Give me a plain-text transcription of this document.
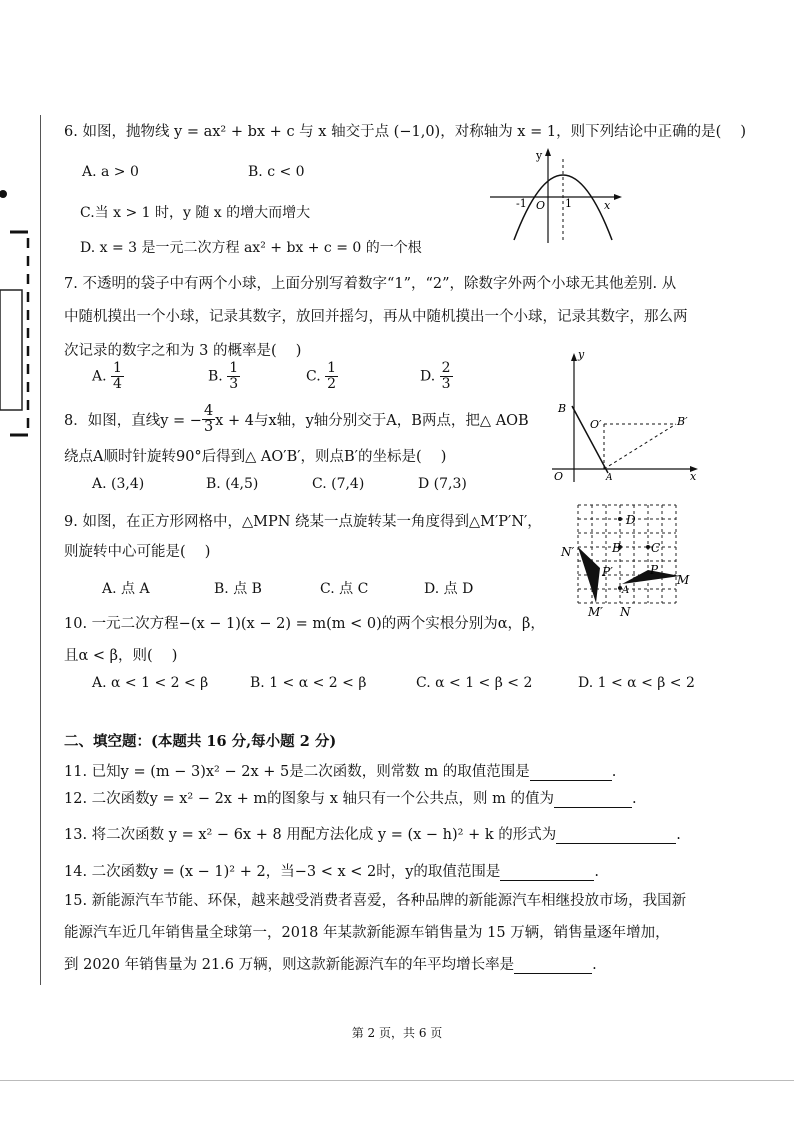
6. 如图，抛物线 y = ax² + bx + c 与 x 轴交于点 (−1,0)，对称轴为 x = 1，则下列结论中正确的是(　 )
A. a > 0	B. c < 0
C.当 x > 1 时，y 随 x 的增大而增大
D. x = 3 是一元二次方程 ax² + bx + c = 0 的一个根
y
x
O
-1	1
7. 不透明的袋子中有两个小球，上面分别写着数字“1”，“2”，除数字外两个小球无其他差别. 从
中随机摸出一个小球，记录其数字，放回并摇匀，再从中随机摸出一个小球，记录其数字，那么两
次记录的数字之和为 3 的概率是(　 )
A. $\frac{1}{4}$	B. $\frac{1}{3}$	C. $\frac{1}{2}$	D. $\frac{2}{3}$
8．如图，直线y = − $\frac{4}{3}$ x + 4与x轴，y轴分别交于A，B两点，把△ AOB
绕点A顺时针旋转90°后得到△ AO′B′，则点B′的坐标是(　 )
A. (3,4)	B. (4,5)	C. (7,4)	D (7,3)
y
x
O
B
O′	B′
A
9. 如图，在正方形网格中，△MPN 绕某一点旋转某一角度得到△M′P′N′，
则旋转中心可能是(　 )
A. 点 A	B. 点 B	C. 点 C	D. 点 D
D
B	C
A
N′
P′	P
M
M′ N
10. 一元二次方程−(x − 1)(x − 2) = m(m < 0)的两个实根分别为α，β，
且α < β，则(　 )
A. α < 1 < 2 < β	B. 1 < α < 2 < β	C. α < 1 < β < 2	D. 1 < α < β < 2
二、填空题：(本题共 16 分,每小题 2 分)
11. 已知y = (m − 3)x² − 2x + 5是二次函数，则常数 m 的取值范围是	.
12. 二次函数y = x² − 2x + m的图象与 x 轴只有一个公共点，则 m 的值为	.
13. 将二次函数 y = x² − 6x + 8 用配方法化成 y = (x − h)² + k 的形式为	.
14. 二次函数y = (x − 1)² + 2，当−3 < x < 2时，y的取值范围是	.
15. 新能源汽车节能、环保，越来越受消费者喜爱，各种品牌的新能源汽车相继投放市场，我国新
能源汽车近几年销售量全球第一，2018 年某款新能源车销售量为 15 万辆，销售量逐年增加，
到 2020 年销售量为 21.6 万辆，则这款新能源汽车的年平均增长率是	.
第 2 页，共 6 页
